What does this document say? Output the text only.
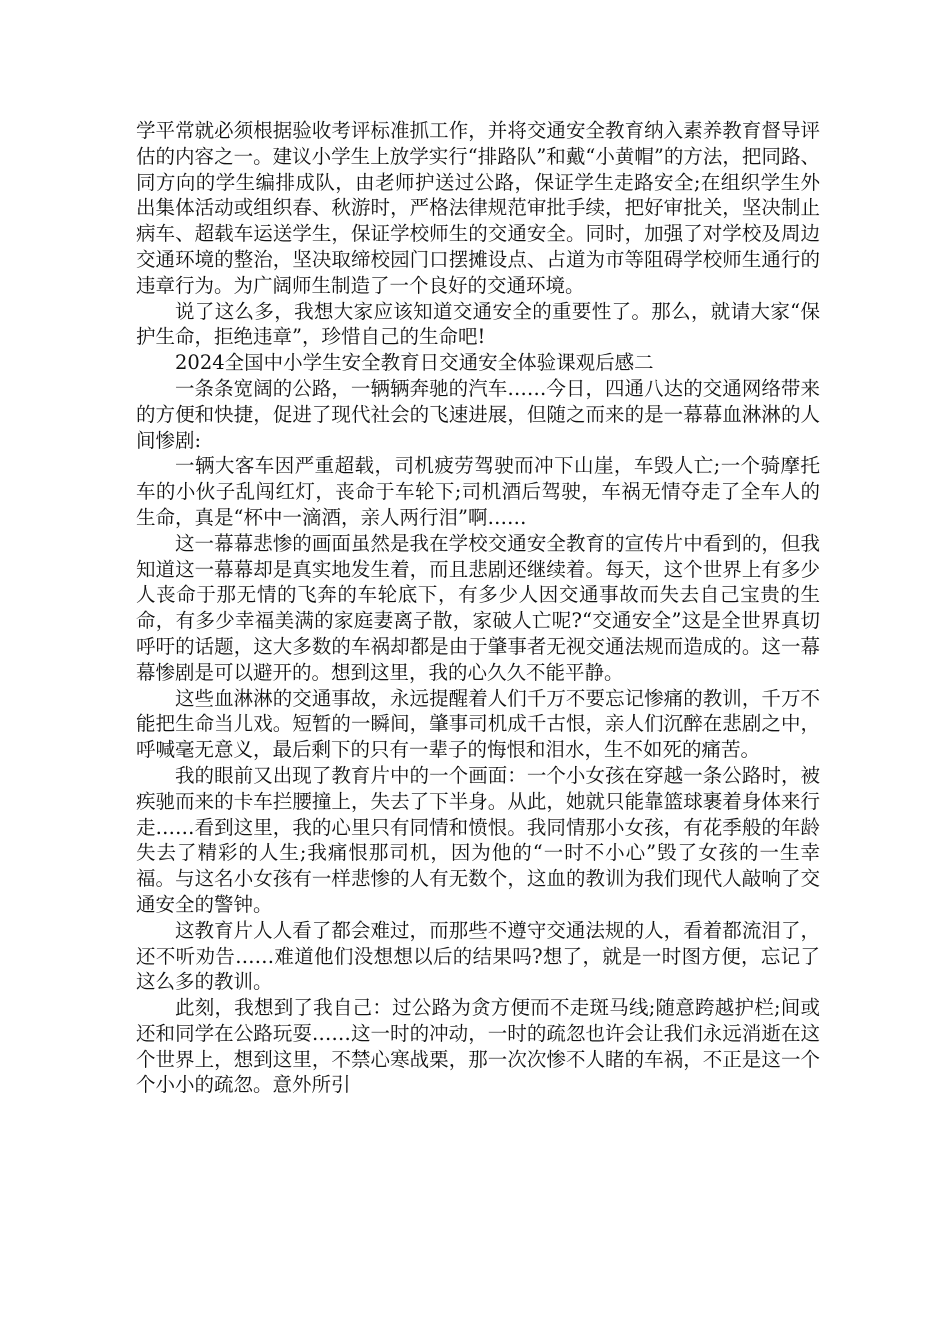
学平常就必须根据验收考评标准抓工作，并将交通安全教育纳入素养教育督导评估的内容之一。建议小学生上放学实行“排路队”和戴“小黄帽”的方法，把同路、同方向的学生编排成队，由老师护送过公路，保证学生走路安全;在组织学生外出集体活动或组织春、秋游时，严格法律规范审批手续，把好审批关，坚决制止病车、超载车运送学生，保证学校师生的交通安全。同时，加强了对学校及周边交通环境的整治，坚决取缔校园门口摆摊设点、占道为市等阻碍学校师生通行的违章行为。为广阔师生制造了一个良好的交通环境。

说了这么多，我想大家应该知道交通安全的重要性了。那么，就请大家“保护生命，拒绝违章”，珍惜自己的生命吧!

2024全国中小学生安全教育日交通安全体验课观后感二

一条条宽阔的公路，一辆辆奔驰的汽车……今日，四通八达的交通网络带来的方便和快捷，促进了现代社会的飞速进展，但随之而来的是一幕幕血淋淋的人间惨剧:

一辆大客车因严重超载，司机疲劳驾驶而冲下山崖，车毁人亡;一个骑摩托车的小伙子乱闯红灯，丧命于车轮下;司机酒后驾驶，车祸无情夺走了全车人的生命，真是“杯中一滴酒，亲人两行泪”啊……

这一幕幕悲惨的画面虽然是我在学校交通安全教育的宣传片中看到的，但我知道这一幕幕却是真实地发生着，而且悲剧还继续着。每天，这个世界上有多少人丧命于那无情的飞奔的车轮底下，有多少人因交通事故而失去自己宝贵的生命，有多少幸福美满的家庭妻离子散，家破人亡呢?“交通安全”这是全世界真切呼吁的话题，这大多数的车祸却都是由于肇事者无视交通法规而造成的。这一幕幕惨剧是可以避开的。想到这里，我的心久久不能平静。

这些血淋淋的交通事故，永远提醒着人们千万不要忘记惨痛的教训，千万不能把生命当儿戏。短暂的一瞬间，肇事司机成千古恨，亲人们沉醉在悲剧之中，呼喊毫无意义，最后剩下的只有一辈子的悔恨和泪水，生不如死的痛苦。

我的眼前又出现了教育片中的一个画面：一个小女孩在穿越一条公路时，被疾驰而来的卡车拦腰撞上，失去了下半身。从此，她就只能靠篮球裹着身体来行走……看到这里，我的心里只有同情和愤恨。我同情那小女孩，有花季般的年龄失去了精彩的人生;我痛恨那司机，因为他的“一时不小心”毁了女孩的一生幸福。与这名小女孩有一样悲惨的人有无数个，这血的教训为我们现代人敲响了交通安全的警钟。

这教育片人人看了都会难过，而那些不遵守交通法规的人，看着都流泪了，还不听劝告……难道他们没想想以后的结果吗?想了，就是一时图方便，忘记了这么多的教训。

此刻，我想到了我自己：过公路为贪方便而不走斑马线;随意跨越护栏;间或还和同学在公路玩耍……这一时的冲动，一时的疏忽也许会让我们永远消逝在这个世界上，想到这里，不禁心寒战栗，那一次次惨不人睹的车祸，不正是这一个个小小的疏忽。意外所引
